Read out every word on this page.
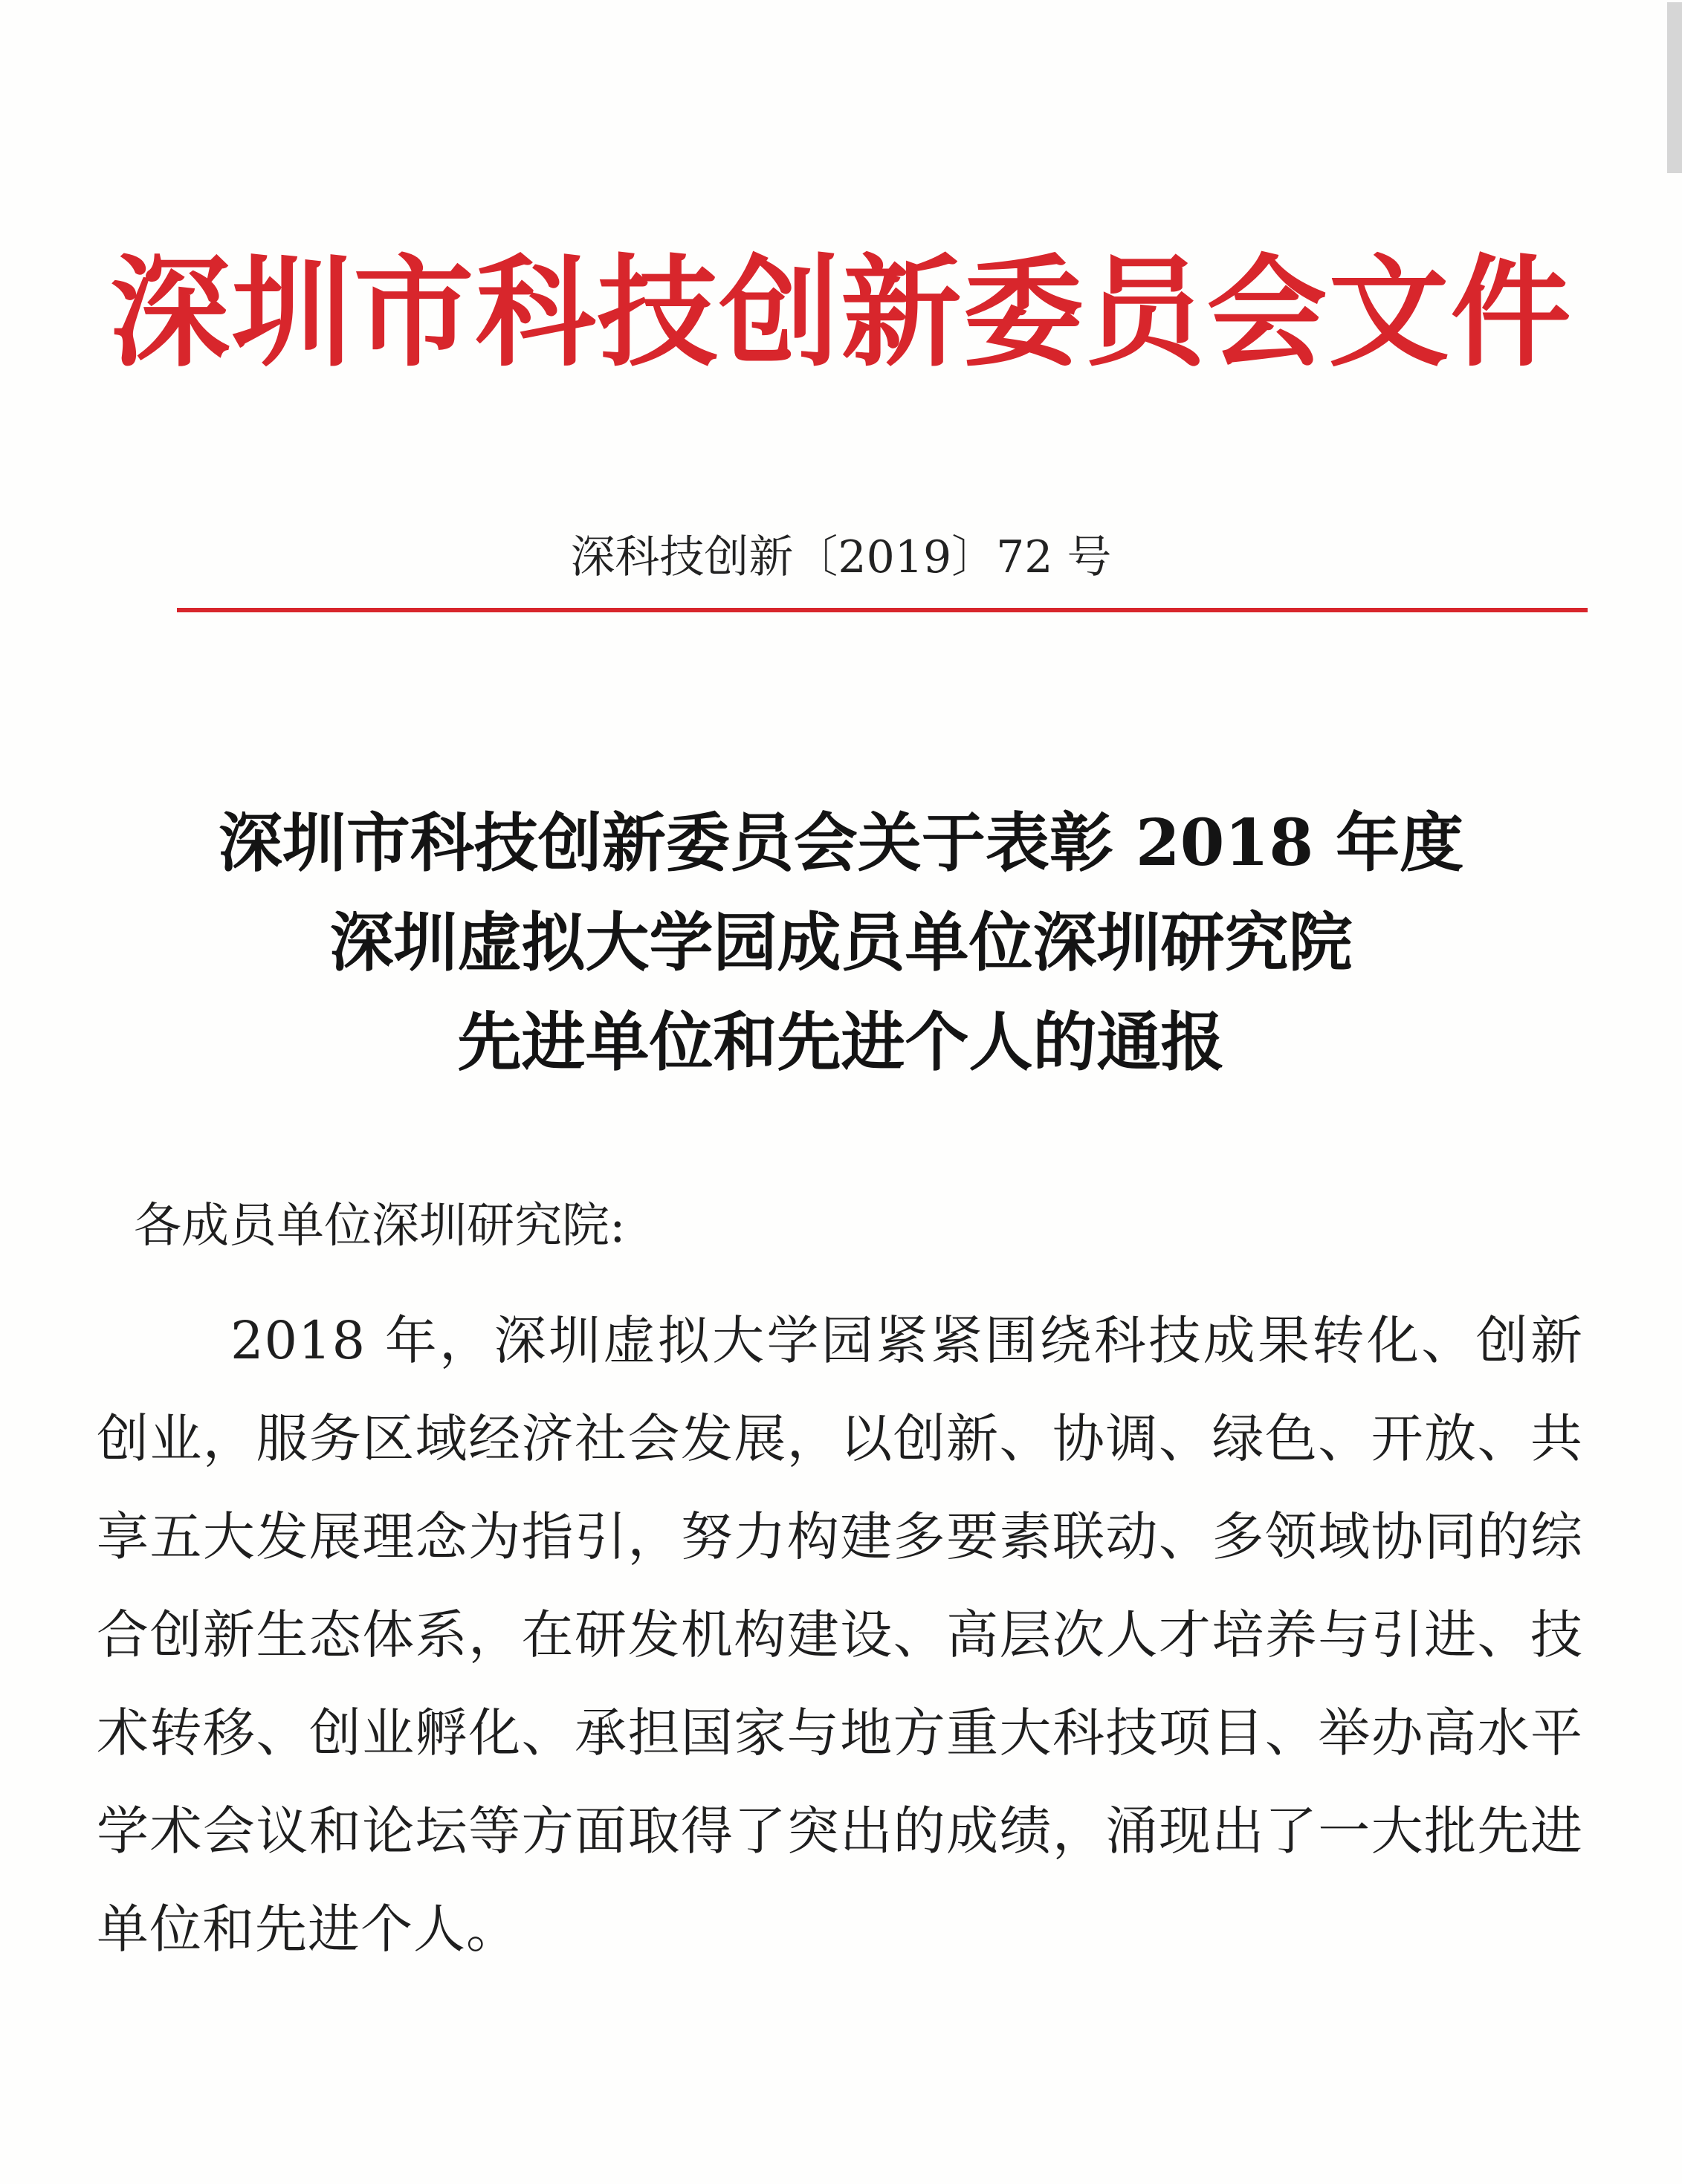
深圳市科技创新委员会文件
深科技创新〔2019〕72 号
深圳市科技创新委员会关于表彰 2018 年度
深圳虚拟大学园成员单位深圳研究院
先进单位和先进个人的通报
各成员单位深圳研究院:
2018 年，深圳虚拟大学园紧紧围绕科技成果转化、创新创业，服务区域经济社会发展，以创新、协调、绿色、开放、共享五大发展理念为指引，努力构建多要素联动、多领域协同的综合创新生态体系，在研发机构建设、高层次人才培养与引进、技术转移、创业孵化、承担国家与地方重大科技项目、举办高水平学术会议和论坛等方面取得了突出的成绩，涌现出了一大批先进单位和先进个人。
